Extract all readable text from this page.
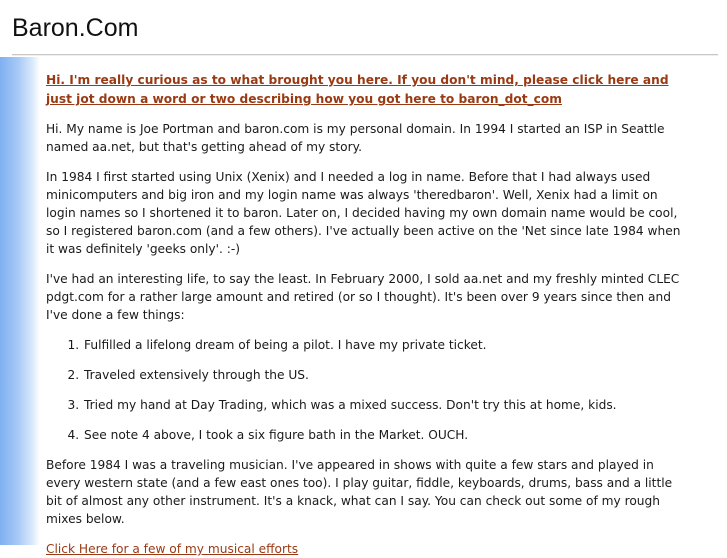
Baron.Com
Hi. I'm really curious as to what brought you here. If you don't mind, please click here and just jot down a word or two describing how you got here to baron_dot_com

Hi. My name is Joe Portman and baron.com is my personal domain. In 1994 I started an ISP in Seattle named aa.net, but that's getting ahead of my story.

In 1984 I first started using Unix (Xenix) and I needed a log in name. Before that I had always used minicomputers and big iron and my login name was always 'theredbaron'. Well, Xenix had a limit on login names so I shortened it to baron. Later on, I decided having my own domain name would be cool, so I registered baron.com (and a few others). I've actually been active on the 'Net since late 1984 when it was definitely 'geeks only'. :-)

I've had an interesting life, to say the least. In February 2000, I sold aa.net and my freshly minted CLEC pdgt.com for a rather large amount and retired (or so I thought). It's been over 9 years since then and I've done a few things:

1. Fulfilled a lifelong dream of being a pilot. I have my private ticket.
2. Traveled extensively through the US.
3. Tried my hand at Day Trading, which was a mixed success. Don't try this at home, kids.
4. See note 4 above, I took a six figure bath in the Market. OUCH.

Before 1984 I was a traveling musician. I've appeared in shows with quite a few stars and played in every western state (and a few east ones too). I play guitar, fiddle, keyboards, drums, bass and a little bit of almost any other instrument. It's a knack, what can I say. You can check out some of my rough mixes below.

Click Here for a few of my musical efforts
